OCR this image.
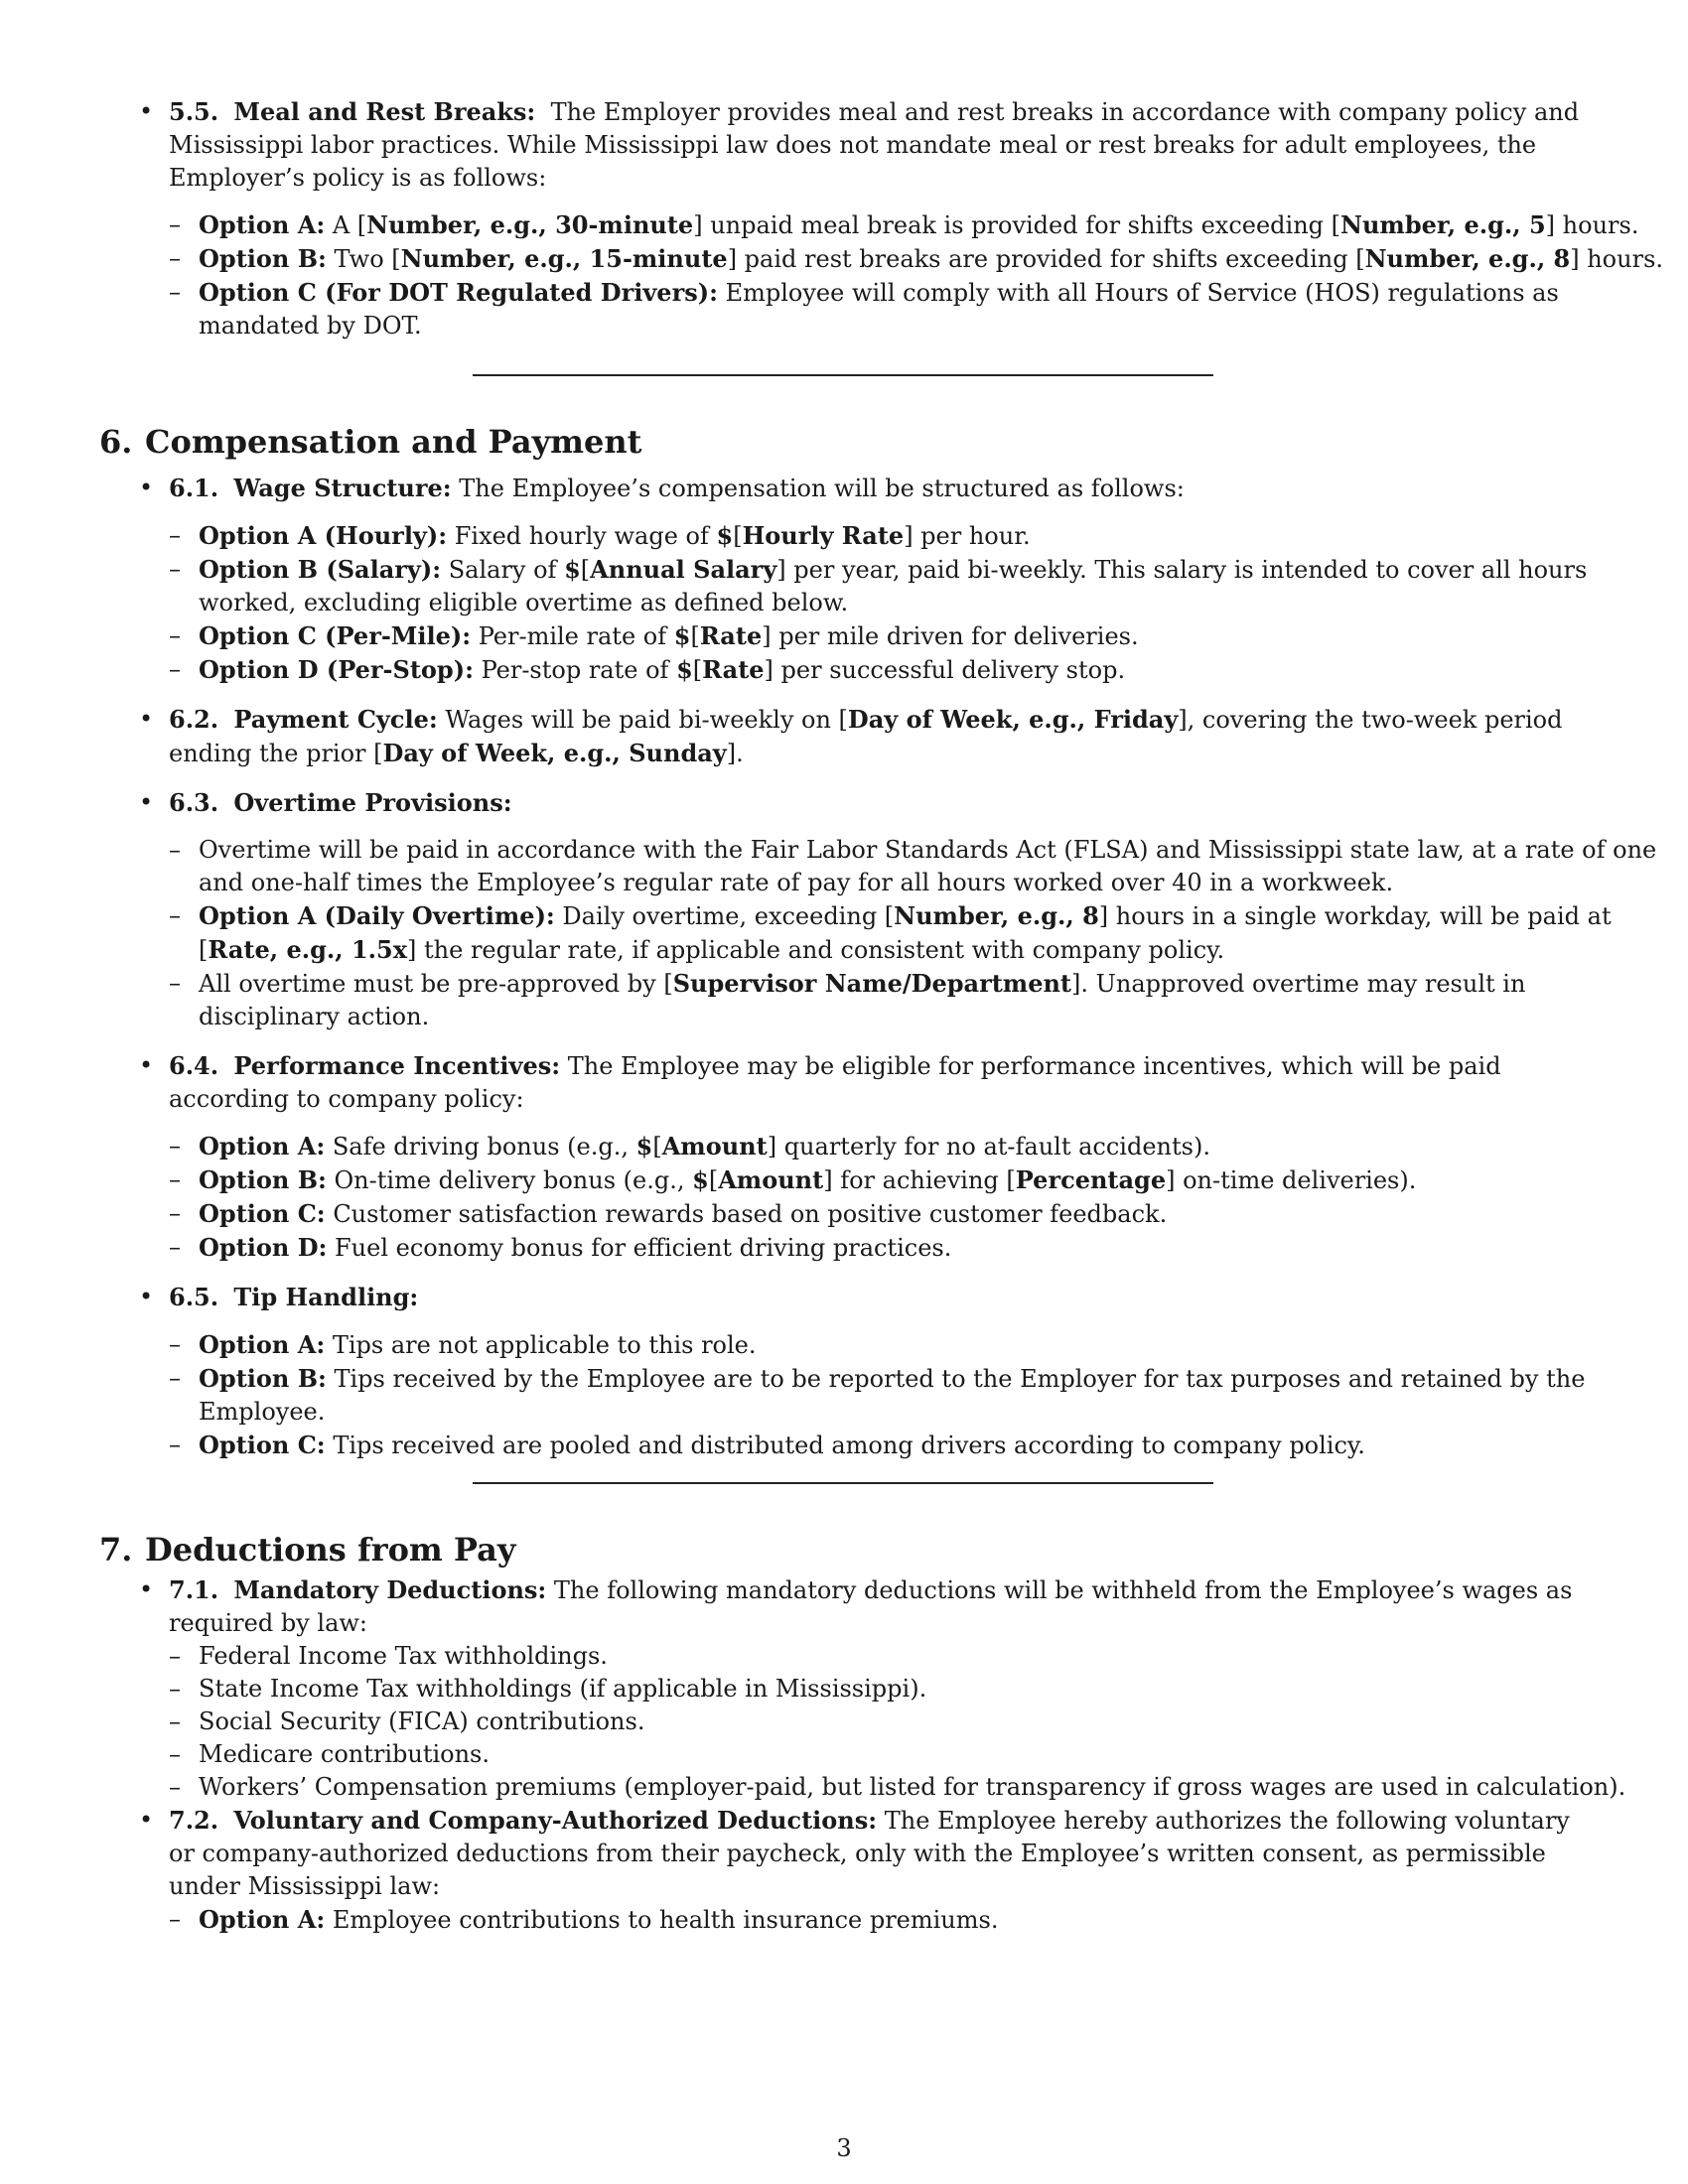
• 5.5. Meal and Rest Breaks: The Employer provides meal and rest breaks in accordance with company policy and Mississippi labor practices. While Mississippi law does not mandate meal or rest breaks for adult employees, the Employer’s policy is as follows:
– Option A: A [Number, e.g., 30-minute] unpaid meal break is provided for shifts exceeding [Number, e.g., 5] hours.
– Option B: Two [Number, e.g., 15-minute] paid rest breaks are provided for shifts exceeding [Number, e.g., 8] hours.
– Option C (For DOT Regulated Drivers): Employee will comply with all Hours of Service (HOS) regulations as mandated by DOT.
6. Compensation and Payment
• 6.1. Wage Structure: The Employee’s compensation will be structured as follows:
– Option A (Hourly): Fixed hourly wage of $[Hourly Rate] per hour.
– Option B (Salary): Salary of $[Annual Salary] per year, paid bi-weekly. This salary is intended to cover all hours worked, excluding eligible overtime as defined below.
– Option C (Per-Mile): Per-mile rate of $[Rate] per mile driven for deliveries.
– Option D (Per-Stop): Per-stop rate of $[Rate] per successful delivery stop.
• 6.2. Payment Cycle: Wages will be paid bi-weekly on [Day of Week, e.g., Friday], covering the two-week period ending the prior [Day of Week, e.g., Sunday].
• 6.3. Overtime Provisions:
– Overtime will be paid in accordance with the Fair Labor Standards Act (FLSA) and Mississippi state law, at a rate of one and one-half times the Employee’s regular rate of pay for all hours worked over 40 in a workweek.
– Option A (Daily Overtime): Daily overtime, exceeding [Number, e.g., 8] hours in a single workday, will be paid at [Rate, e.g., 1.5x] the regular rate, if applicable and consistent with company policy.
– All overtime must be pre-approved by [Supervisor Name/Department]. Unapproved overtime may result in disciplinary action.
• 6.4. Performance Incentives: The Employee may be eligible for performance incentives, which will be paid according to company policy:
– Option A: Safe driving bonus (e.g., $[Amount] quarterly for no at-fault accidents).
– Option B: On-time delivery bonus (e.g., $[Amount] for achieving [Percentage] on-time deliveries).
– Option C: Customer satisfaction rewards based on positive customer feedback.
– Option D: Fuel economy bonus for efficient driving practices.
• 6.5. Tip Handling:
– Option A: Tips are not applicable to this role.
– Option B: Tips received by the Employee are to be reported to the Employer for tax purposes and retained by the Employee.
– Option C: Tips received are pooled and distributed among drivers according to company policy.
7. Deductions from Pay
• 7.1. Mandatory Deductions: The following mandatory deductions will be withheld from the Employee’s wages as required by law:
– Federal Income Tax withholdings.
– State Income Tax withholdings (if applicable in Mississippi).
– Social Security (FICA) contributions.
– Medicare contributions.
– Workers’ Compensation premiums (employer-paid, but listed for transparency if gross wages are used in calculation).
• 7.2. Voluntary and Company-Authorized Deductions: The Employee hereby authorizes the following voluntary or company-authorized deductions from their paycheck, only with the Employee’s written consent, as permissible under Mississippi law:
– Option A: Employee contributions to health insurance premiums.
3
